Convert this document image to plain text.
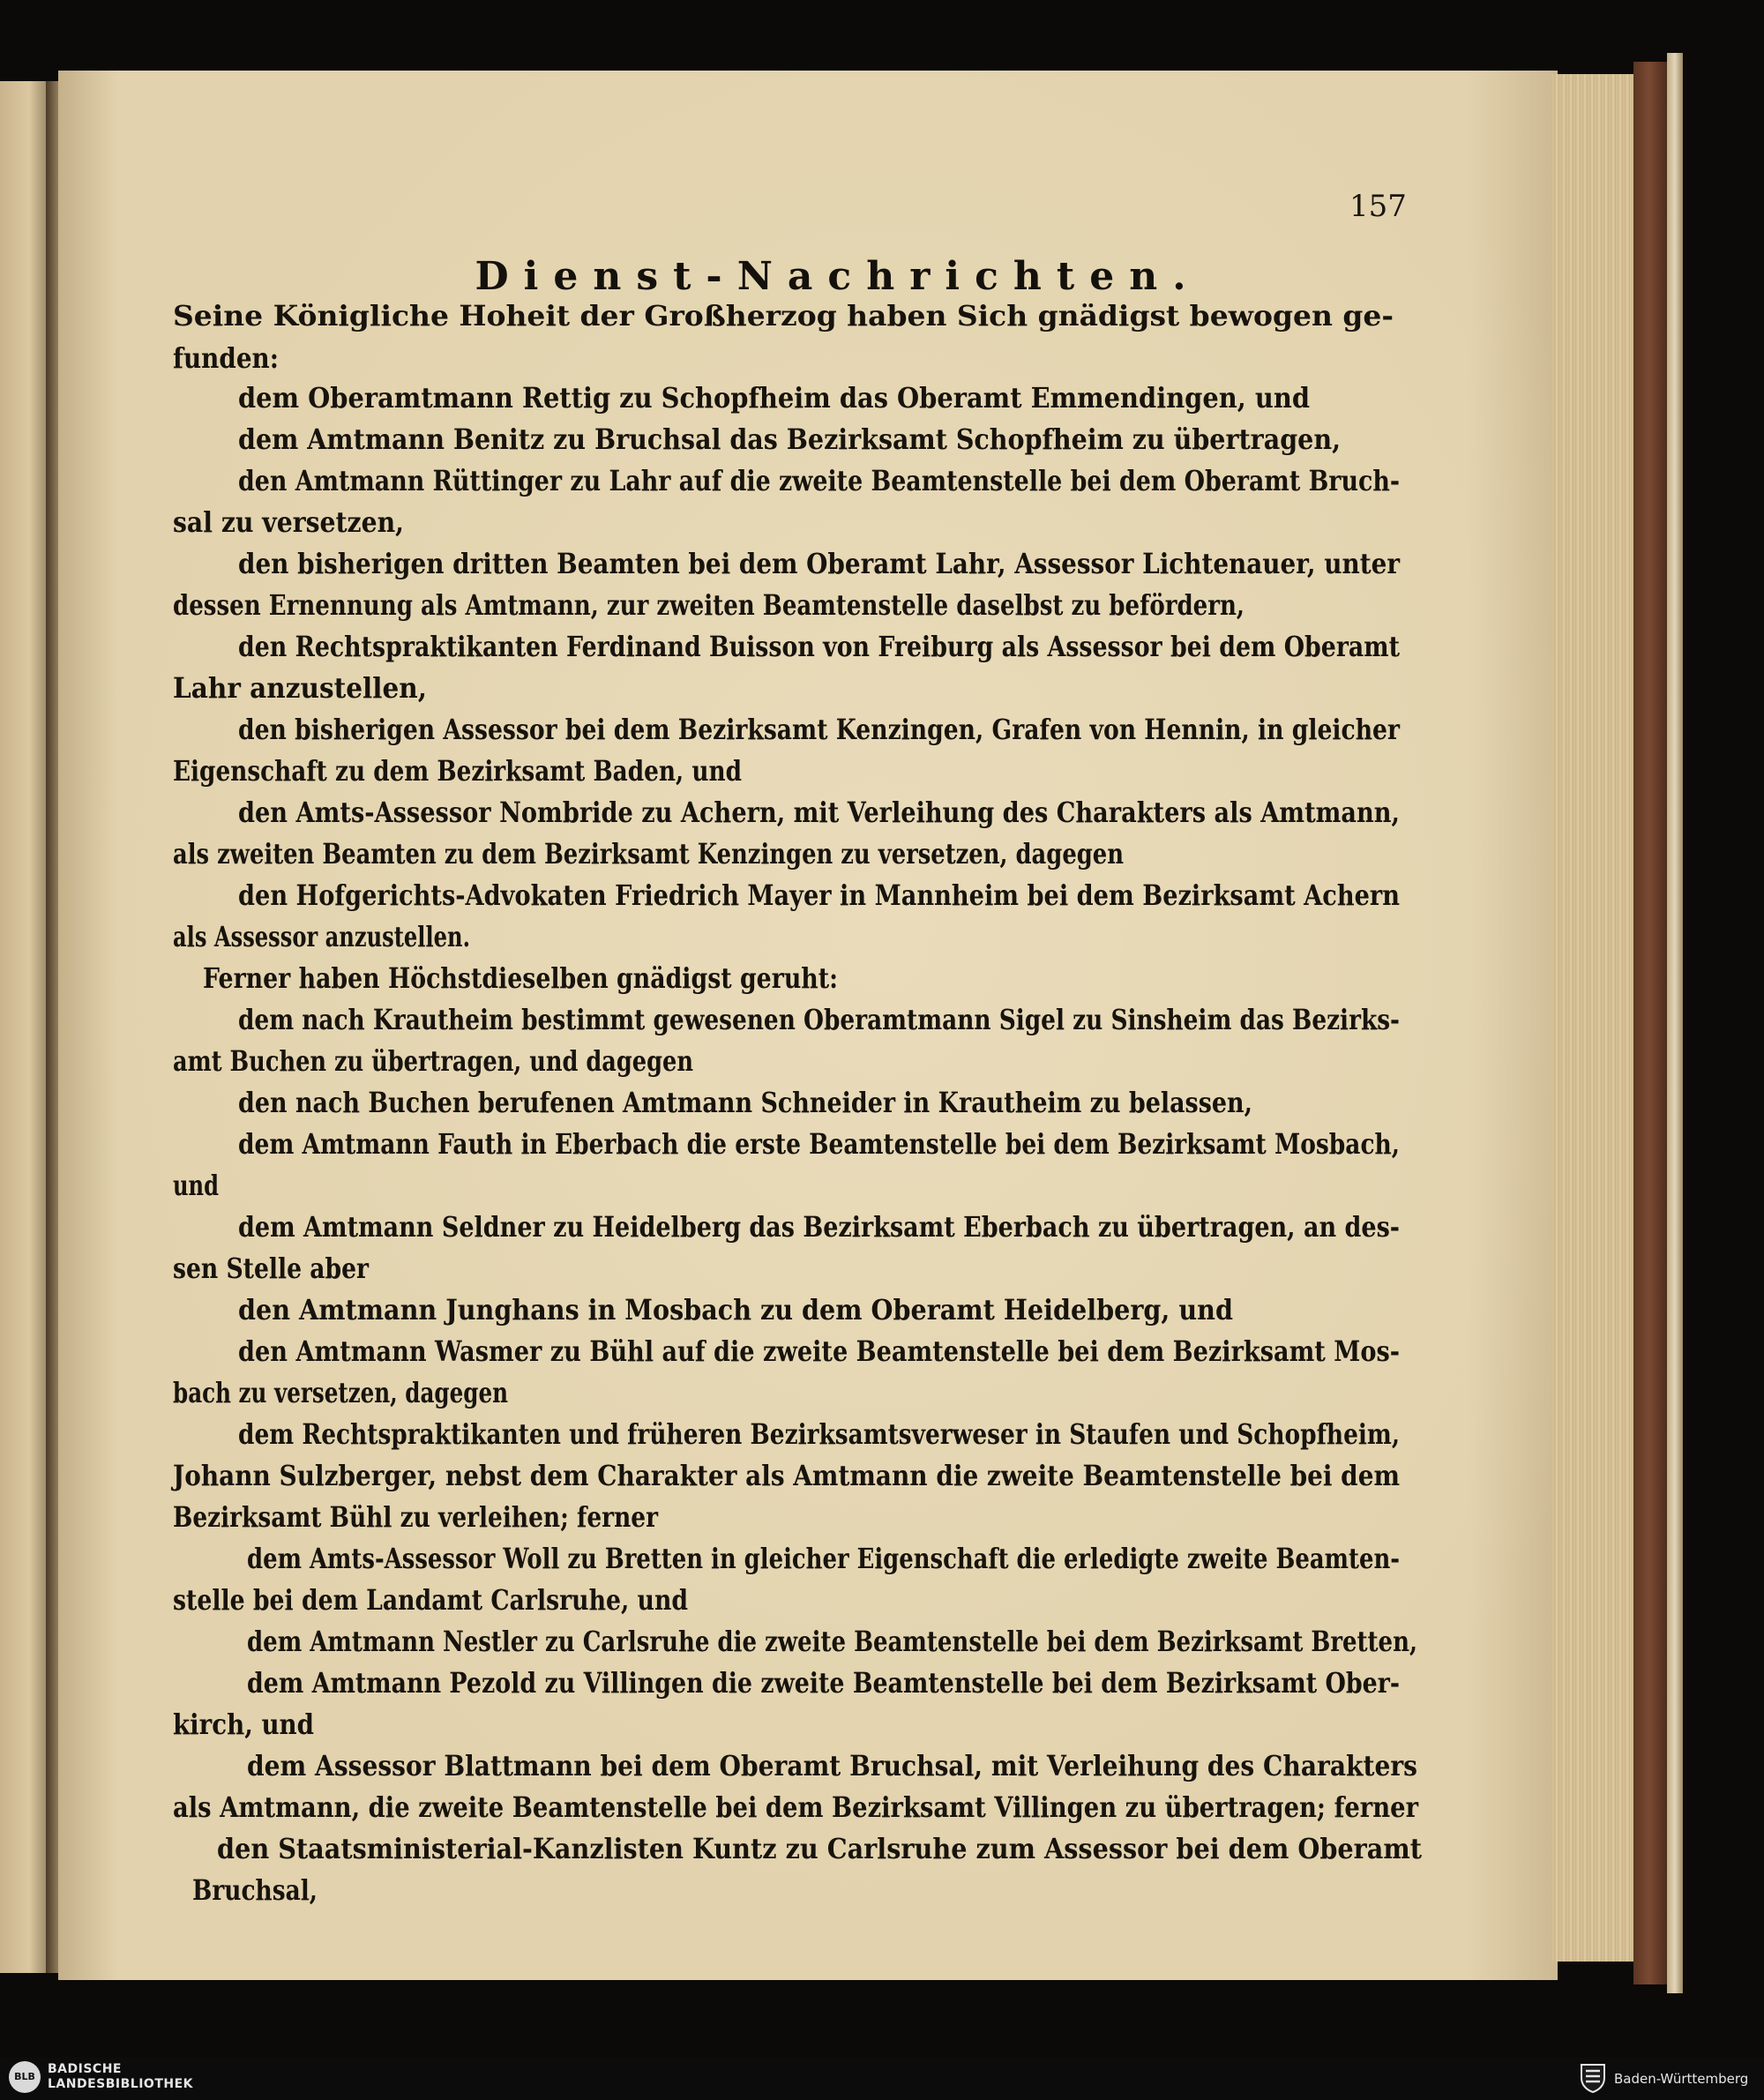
157
Dienst-Nachrichten.
Seine Königliche Hoheit der Großherzog haben Sich gnädigst bewogen ge-
funden:
dem Oberamtmann Rettig zu Schopfheim das Oberamt Emmendingen, und
dem Amtmann Benitz zu Bruchsal das Bezirksamt Schopfheim zu übertragen,
den Amtmann Rüttinger zu Lahr auf die zweite Beamtenstelle bei dem Oberamt Bruch-
sal zu versetzen,
den bisherigen dritten Beamten bei dem Oberamt Lahr, Assessor Lichtenauer, unter
dessen Ernennung als Amtmann, zur zweiten Beamtenstelle daselbst zu befördern,
den Rechtspraktikanten Ferdinand Buisson von Freiburg als Assessor bei dem Oberamt
Lahr anzustellen,
den bisherigen Assessor bei dem Bezirksamt Kenzingen, Grafen von Hennin, in gleicher
Eigenschaft zu dem Bezirksamt Baden, und
den Amts-Assessor Nombride zu Achern, mit Verleihung des Charakters als Amtmann,
als zweiten Beamten zu dem Bezirksamt Kenzingen zu versetzen, dagegen
den Hofgerichts-Advokaten Friedrich Mayer in Mannheim bei dem Bezirksamt Achern
als Assessor anzustellen.
Ferner haben Höchstdieselben gnädigst geruht:
dem nach Krautheim bestimmt gewesenen Oberamtmann Sigel zu Sinsheim das Bezirks-
amt Buchen zu übertragen, und dagegen
den nach Buchen berufenen Amtmann Schneider in Krautheim zu belassen,
dem Amtmann Fauth in Eberbach die erste Beamtenstelle bei dem Bezirksamt Mosbach,
und
dem Amtmann Seldner zu Heidelberg das Bezirksamt Eberbach zu übertragen, an des-
sen Stelle aber
den Amtmann Junghans in Mosbach zu dem Oberamt Heidelberg, und
den Amtmann Wasmer zu Bühl auf die zweite Beamtenstelle bei dem Bezirksamt Mos-
bach zu versetzen, dagegen
dem Rechtspraktikanten und früheren Bezirksamtsverweser in Staufen und Schopfheim,
Johann Sulzberger, nebst dem Charakter als Amtmann die zweite Beamtenstelle bei dem
Bezirksamt Bühl zu verleihen; ferner
dem Amts-Assessor Woll zu Bretten in gleicher Eigenschaft die erledigte zweite Beamten-
stelle bei dem Landamt Carlsruhe, und
dem Amtmann Nestler zu Carlsruhe die zweite Beamtenstelle bei dem Bezirksamt Bretten,
dem Amtmann Pezold zu Villingen die zweite Beamtenstelle bei dem Bezirksamt Ober-
kirch, und
dem Assessor Blattmann bei dem Oberamt Bruchsal, mit Verleihung des Charakters
als Amtmann, die zweite Beamtenstelle bei dem Bezirksamt Villingen zu übertragen; ferner
den Staatsministerial-Kanzlisten Kuntz zu Carlsruhe zum Assessor bei dem Oberamt
Bruchsal,
BLB
BADISCHE
LANDESBIBLIOTHEK	Baden-Württemberg
